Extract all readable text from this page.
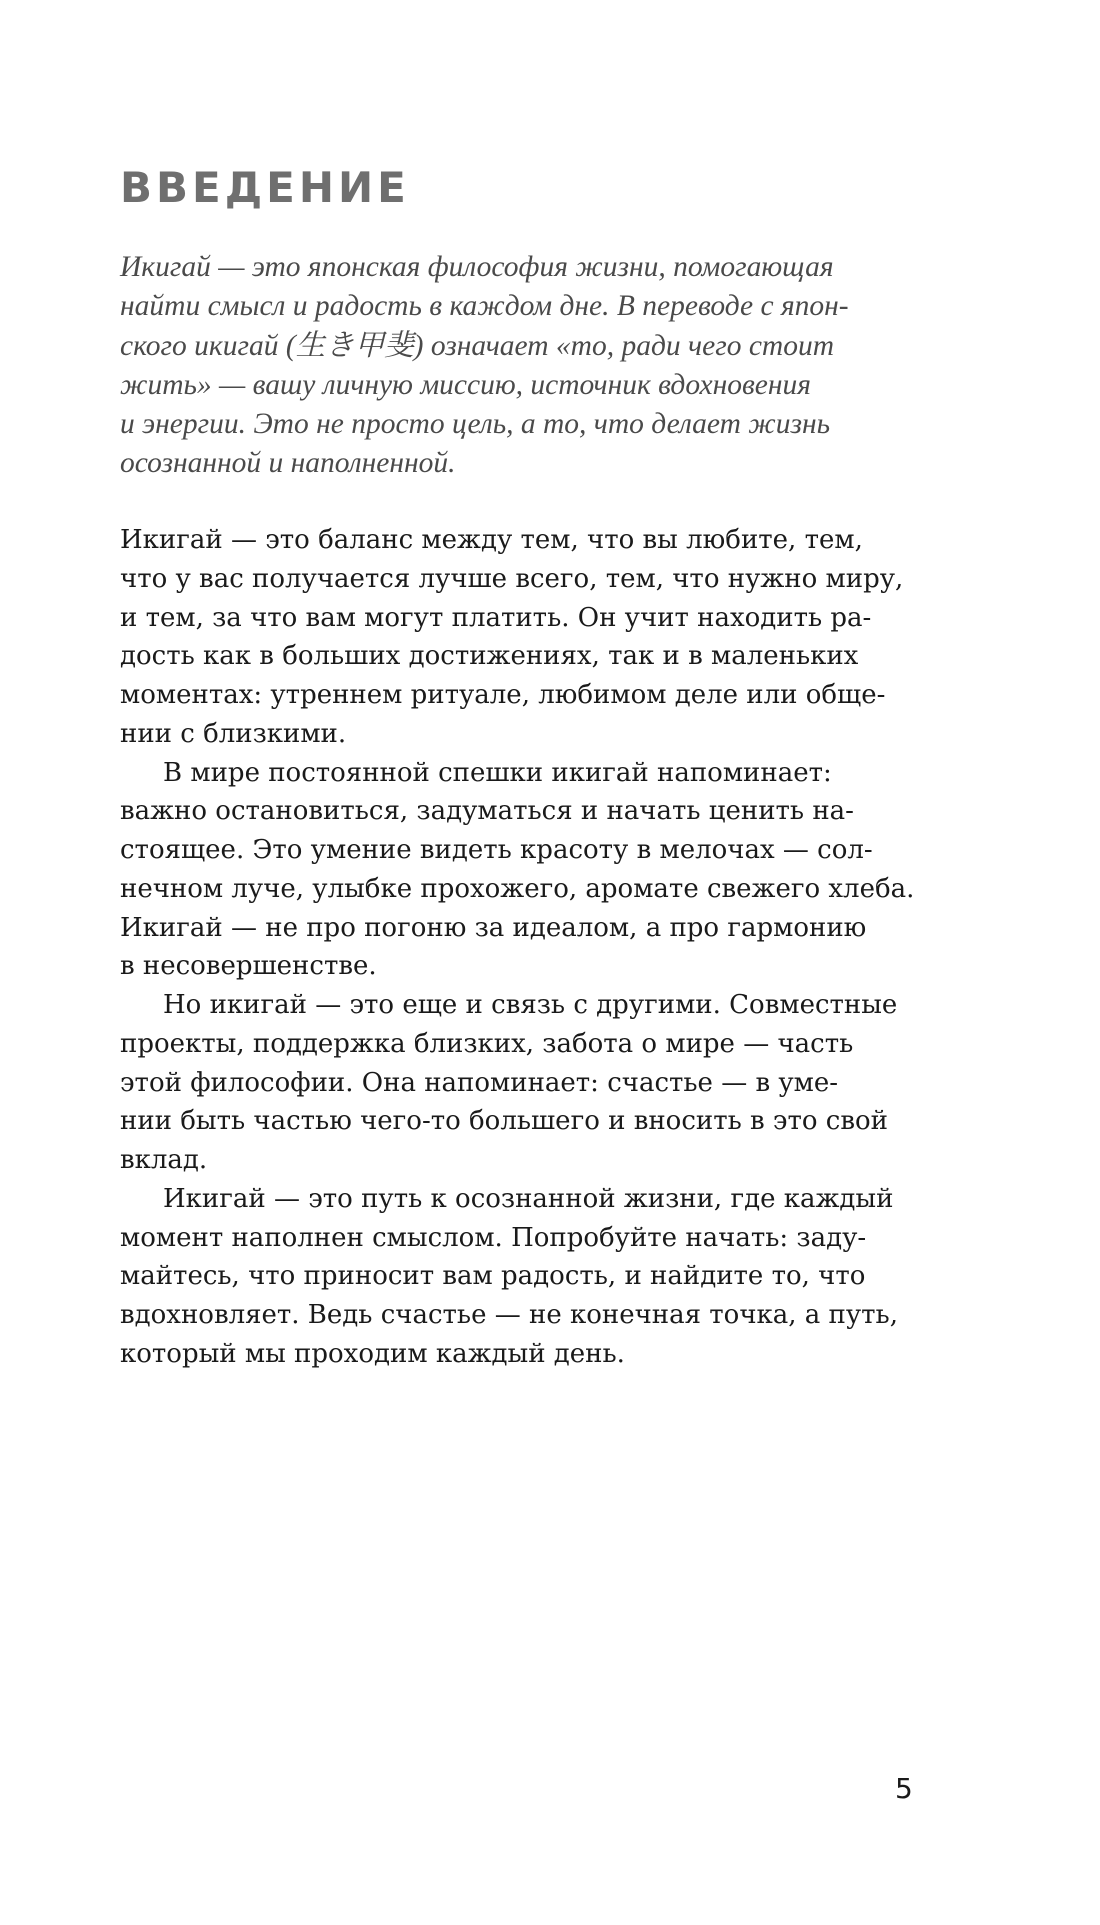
ВВЕДЕНИЕ

Икигай — это японская философия жизни, помогающая
найти смысл и радость в каждом дне. В переводе с япон-
ского икигай (生き甲斐) означает «то, ради чего стоит
жить» — вашу личную миссию, источник вдохновения
и энергии. Это не просто цель, а то, что делает жизнь
осознанной и наполненной.

Икигай — это баланс между тем, что вы любите, тем,
что у вас получается лучше всего, тем, что нужно миру,
и тем, за что вам могут платить. Он учит находить ра-
дость как в больших достижениях, так и в маленьких
моментах: утреннем ритуале, любимом деле или обще-
нии с близкими.
В мире постоянной спешки икигай напоминает:
важно остановиться, задуматься и начать ценить на-
стоящее. Это умение видеть красоту в мелочах — сол-
нечном луче, улыбке прохожего, аромате свежего хлеба.
Икигай — не про погоню за идеалом, а про гармонию
в несовершенстве.
Но икигай — это еще и связь с другими. Совместные
проекты, поддержка близких, забота о мире — часть
этой философии. Она напоминает: счастье — в уме-
нии быть частью чего-то большего и вносить в это свой
вклад.
Икигай — это путь к осознанной жизни, где каждый
момент наполнен смыслом. Попробуйте начать: заду-
майтесь, что приносит вам радость, и найдите то, что
вдохновляет. Ведь счастье — не конечная точка, а путь,
который мы проходим каждый день.
5
